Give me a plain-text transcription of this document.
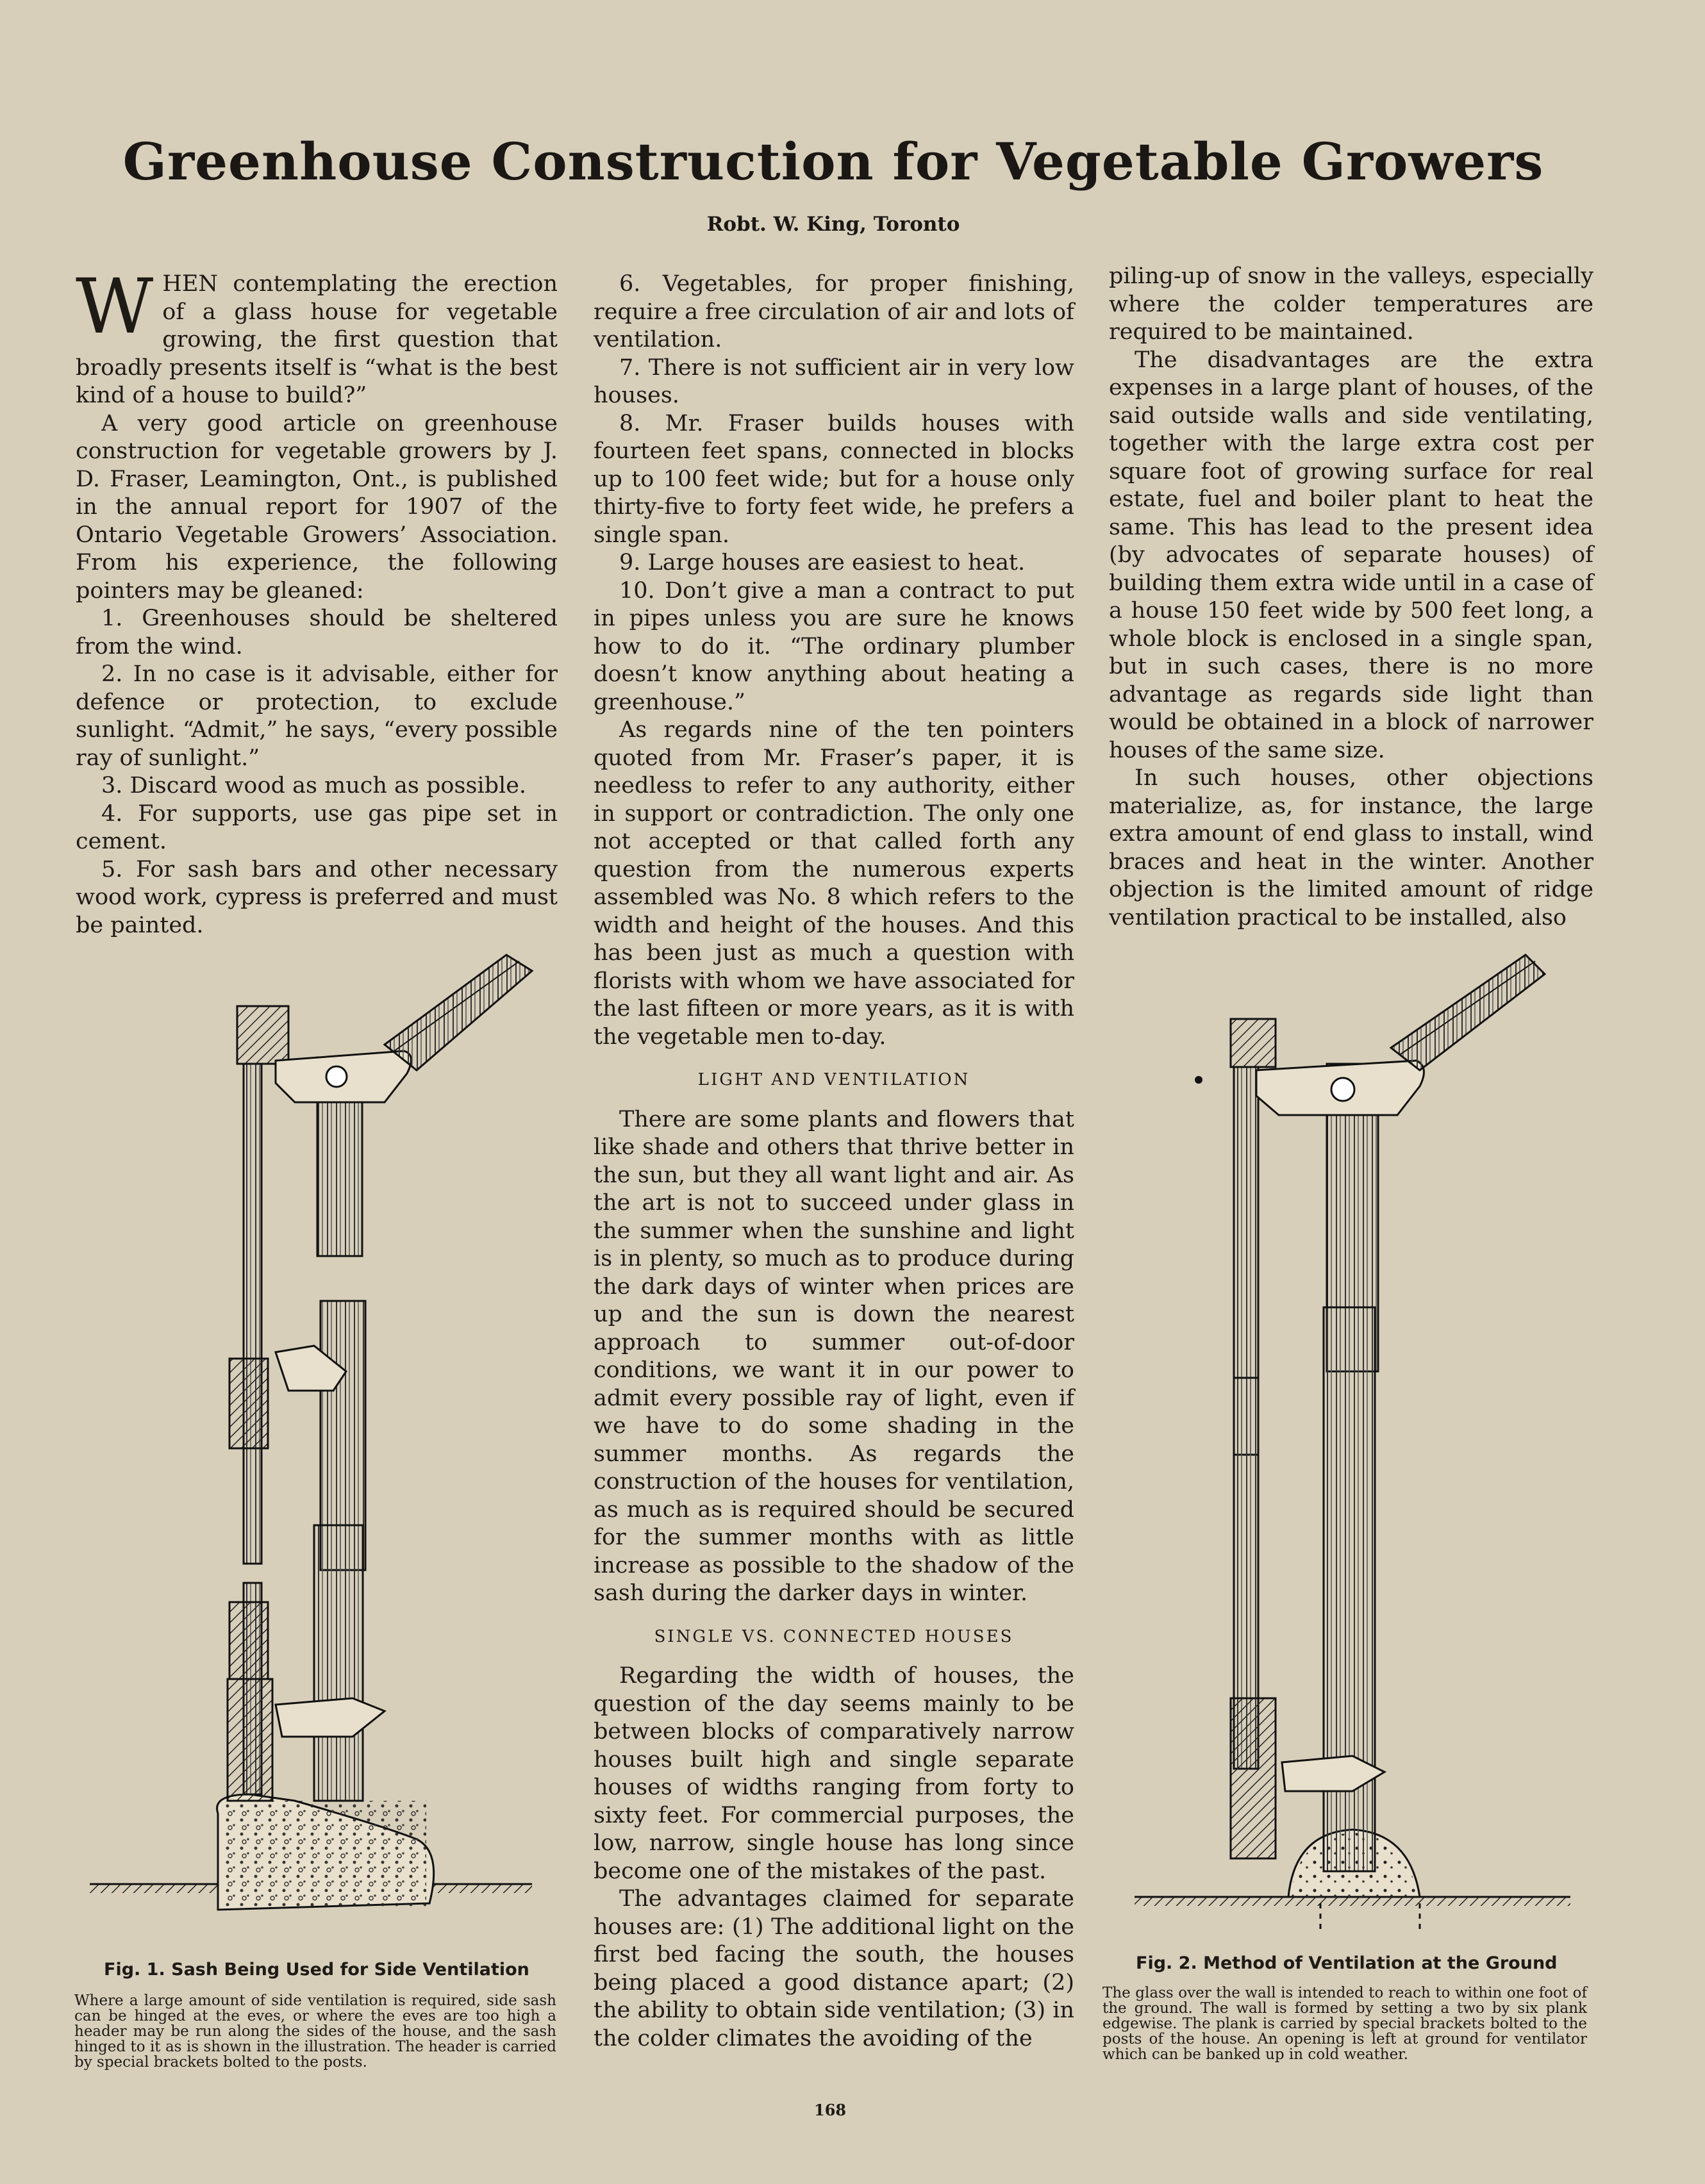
Greenhouse Construction for Vegetable Growers
Robt. W. King, Toronto

WHEN contemplating the erection of a glass house for vegetable growing, the first question that broadly presents itself is “what is the best kind of a house to build?”

A very good article on greenhouse construction for vegetable growers by J. D. Fraser, Leamington, Ont., is published in the annual report for 1907 of the Ontario Vegetable Growers’ Association. From his experience, the following pointers may be gleaned:

1. Greenhouses should be sheltered from the wind.

2. In no case is it advisable, either for defence or protection, to exclude sunlight. “Admit,” he says, “every possible ray of sunlight.”

3. Discard wood as much as possible.

4. For supports, use gas pipe set in cement.

5. For sash bars and other necessary wood work, cypress is preferred and must be painted.

6. Vegetables, for proper finishing, require a free circulation of air and lots of ventilation.

7. There is not sufficient air in very low houses.

8. Mr. Fraser builds houses with fourteen feet spans, connected in blocks up to 100 feet wide; but for a house only thirty-five to forty feet wide, he prefers a single span.

9. Large houses are easiest to heat.

10. Don’t give a man a contract to put in pipes unless you are sure he knows how to do it. “The ordinary plumber doesn’t know anything about heating a greenhouse.”

As regards nine of the ten pointers quoted from Mr. Fraser’s paper, it is needless to refer to any authority, either in support or contradiction. The only one not accepted or that called forth any question from the numerous experts assembled was No. 8 which refers to the width and height of the houses. And this has been just as much a question with florists with whom we have associated for the last fifteen or more years, as it is with the vegetable men to-day.

LIGHT AND VENTILATION

There are some plants and flowers that like shade and others that thrive better in the sun, but they all want light and air. As the art is not to succeed under glass in the summer when the sunshine and light is in plenty, so much as to produce during the dark days of winter when prices are up and the sun is down the nearest approach to summer out-of-door conditions, we want it in our power to admit every possible ray of light, even if we have to do some shading in the summer months. As regards the construction of the houses for ventilation, as much as is required should be secured for the summer months with as little increase as possible to the shadow of the sash during the darker days in winter.

SINGLE VS. CONNECTED HOUSES

Regarding the width of houses, the question of the day seems mainly to be between blocks of comparatively narrow houses built high and single separate houses of widths ranging from forty to sixty feet. For commercial purposes, the low, narrow, single house has long since become one of the mistakes of the past.

The advantages claimed for separate houses are: (1) The additional light on the first bed facing the south, the houses being placed a good distance apart; (2) the ability to obtain side ventilation; (3) in the colder climates the avoiding of the

piling-up of snow in the valleys, especially where the colder temperatures are required to be maintained.

The disadvantages are the extra expenses in a large plant of houses, of the said outside walls and side ventilating, together with the large extra cost per square foot of growing surface for real estate, fuel and boiler plant to heat the same. This has lead to the present idea (by advocates of separate houses) of building them extra wide until in a case of a house 150 feet wide by 500 feet long, a whole block is enclosed in a single span, but in such cases, there is no more advantage as regards side light than would be obtained in a block of narrower houses of the same size.

In such houses, other objections materialize, as, for instance, the large extra amount of end glass to install, wind braces and heat in the winter. Another objection is the limited amount of ridge ventilation practical to be installed, also

Fig. 1. Sash Being Used for Side Ventilation
Where a large amount of side ventilation is required, side sash can be hinged at the eves, or where the eves are too high a header may be run along the sides of the house, and the sash hinged to it as is shown in the illustration. The header is carried by special brackets bolted to the posts.
Fig. 2. Method of Ventilation at the Ground
The glass over the wall is intended to reach to within one foot of the ground. The wall is formed by setting a two by six plank edgewise. The plank is carried by special brackets bolted to the posts of the house. An opening is left at ground for ventilator which can be banked up in cold weather.
168
